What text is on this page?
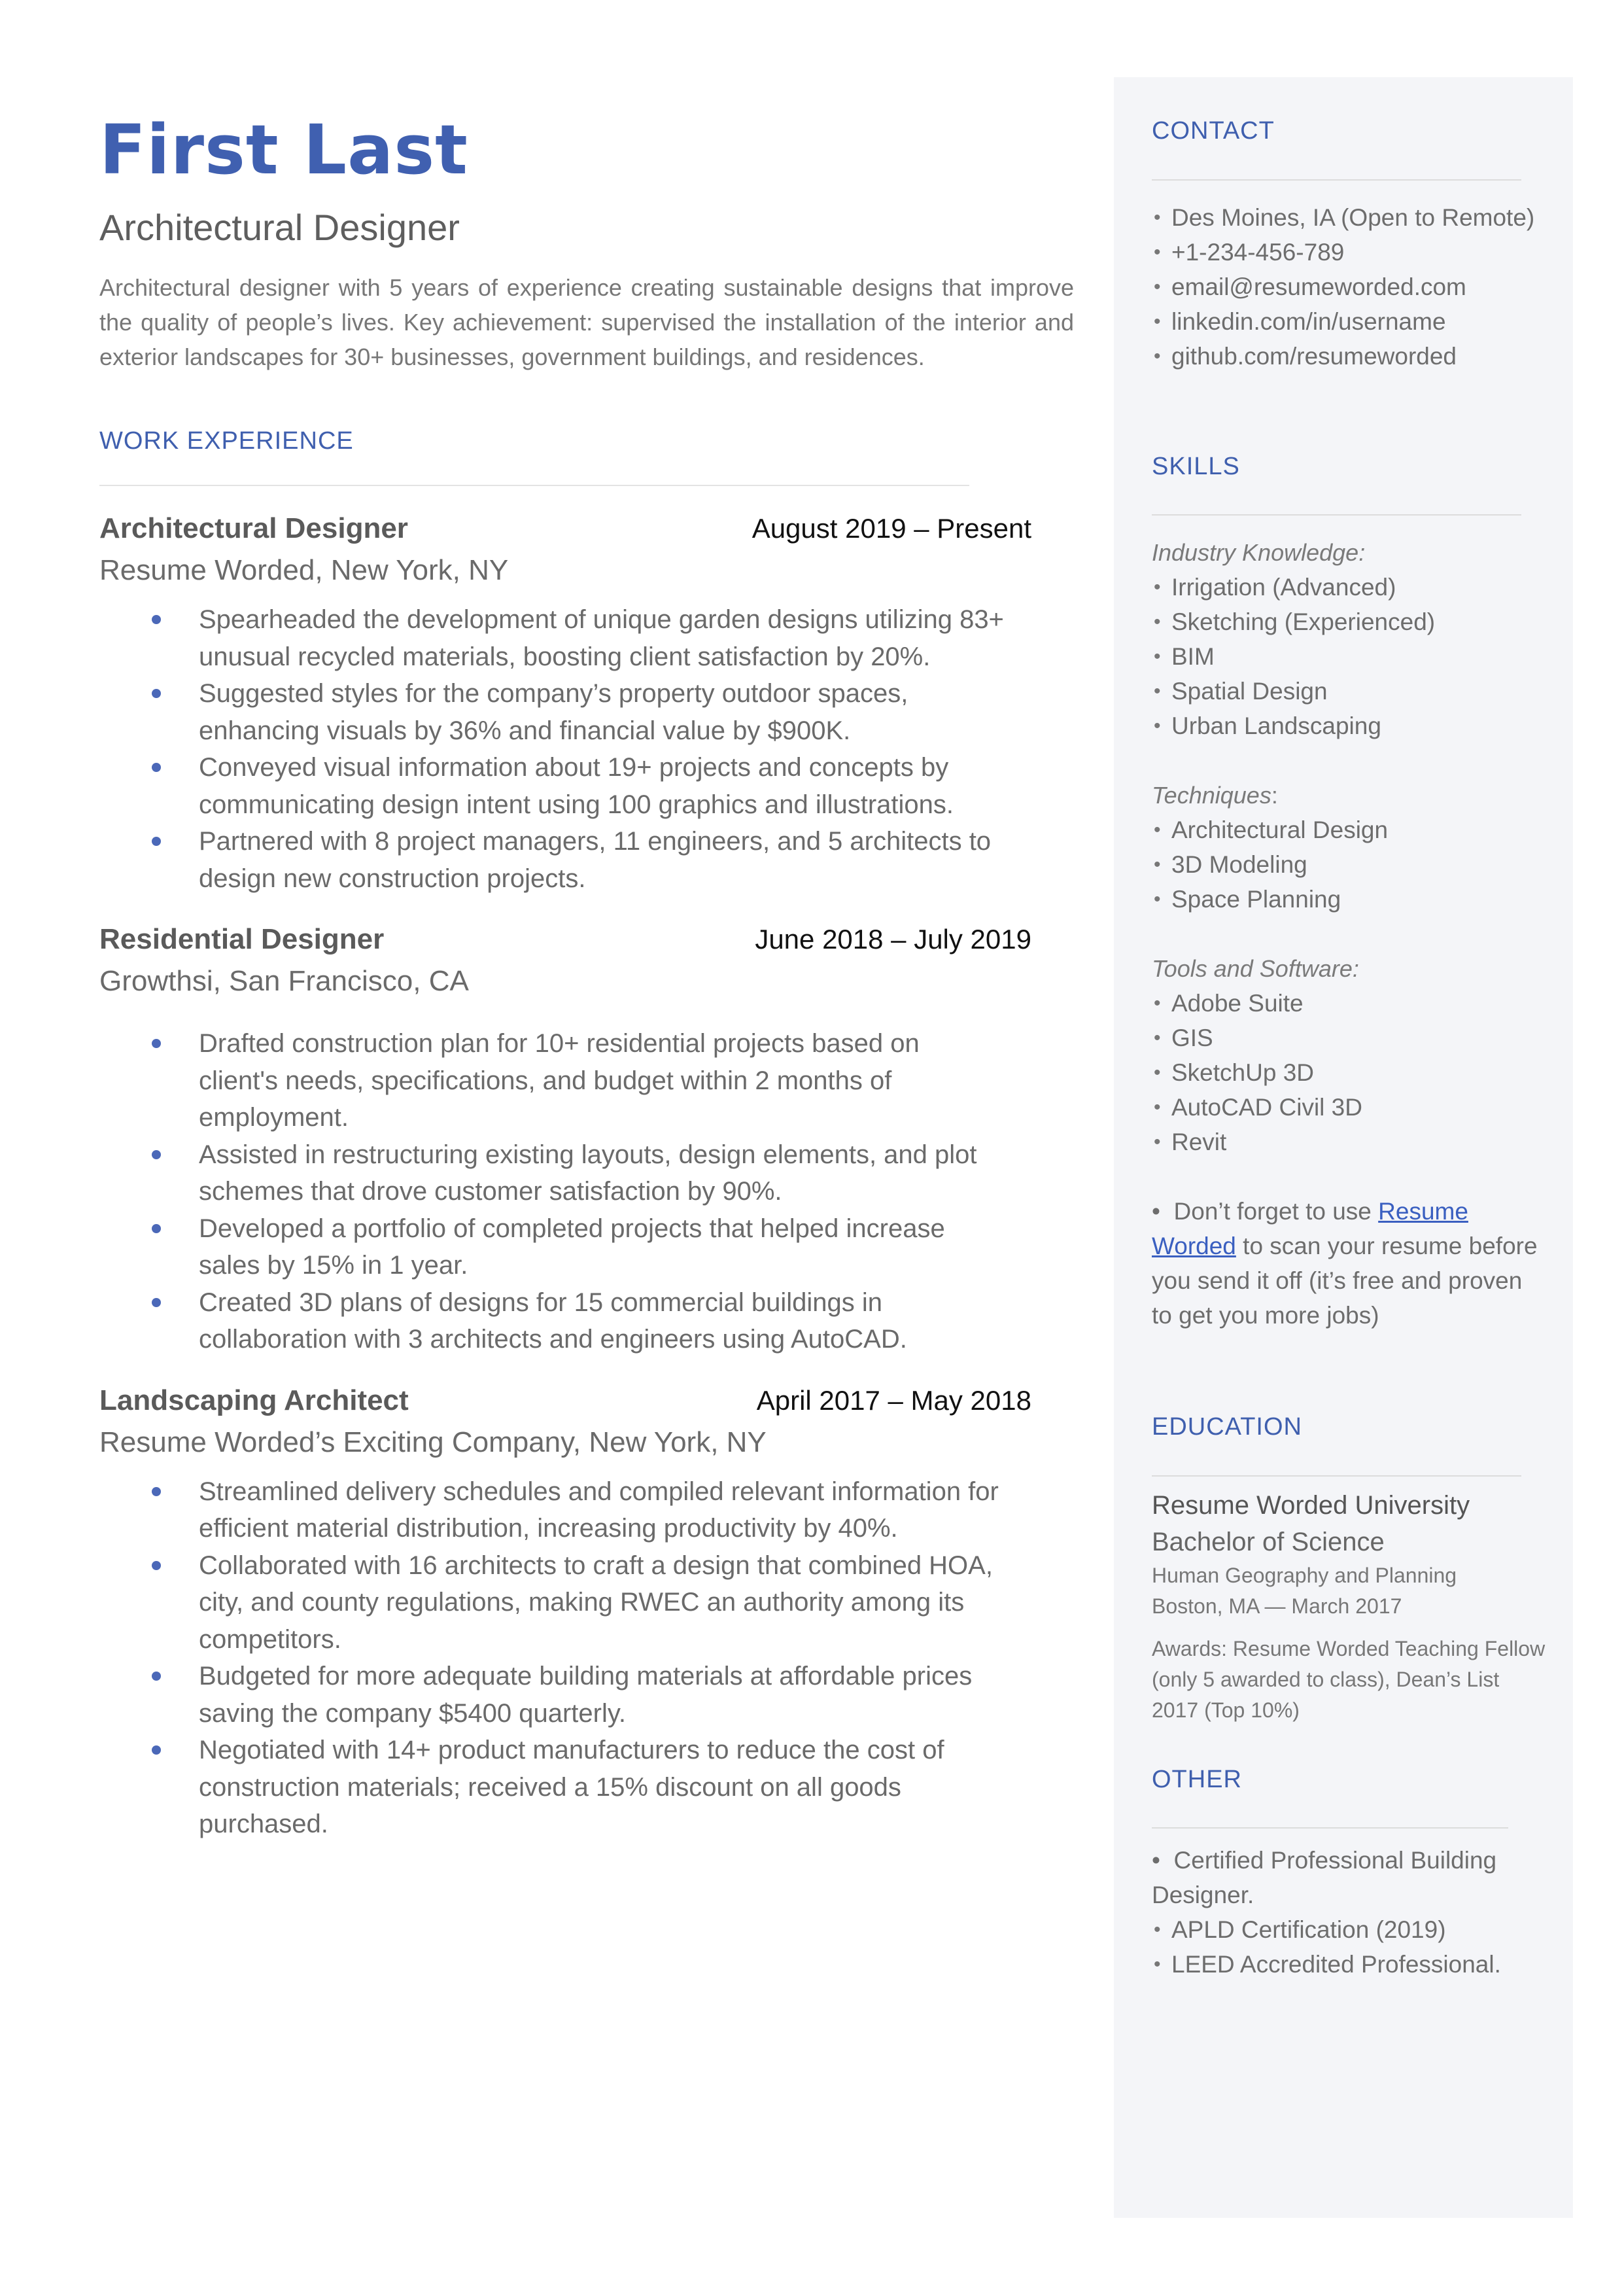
First Last
Architectural Designer
Architectural designer with 5 years of experience creating sustainable designs that improve the quality of people’s lives. Key achievement: supervised the installation of the interior and exterior landscapes for 30+ businesses, government buildings, and residences.
WORK EXPERIENCE
Architectural Designer	August 2019 – Present
Resume Worded, New York, NY
Spearheaded the development of unique garden designs utilizing 83+
unusual recycled materials, boosting client satisfaction by 20%.
Suggested styles for the company’s property outdoor spaces,
enhancing visuals by 36% and financial value by $900K.
Conveyed visual information about 19+ projects and concepts by
communicating design intent using 100 graphics and illustrations.
Partnered with 8 project managers, 11 engineers, and 5 architects to
design new construction projects.
Residential Designer	June 2018 – July 2019
Growthsi, San Francisco, CA
Drafted construction plan for 10+ residential projects based on
client's needs, specifications, and budget within 2 months of
employment.
Assisted in restructuring existing layouts, design elements, and plot
schemes that drove customer satisfaction by 90%.
Developed a portfolio of completed projects that helped increase
sales by 15% in 1 year.
Created 3D plans of designs for 15 commercial buildings in
collaboration with 3 architects and engineers using AutoCAD.
Landscaping Architect	April 2017 – May 2018
Resume Worded’s Exciting Company, New York, NY
Streamlined delivery schedules and compiled relevant information for
efficient material distribution, increasing productivity by 40%.
Collaborated with 16 architects to craft a design that combined HOA,
city, and county regulations, making RWEC an authority among its
competitors.
Budgeted for more adequate building materials at affordable prices
saving the company $5400 quarterly.
Negotiated with 14+ product manufacturers to reduce the cost of
construction materials; received a 15% discount on all goods
purchased.
CONTACT
• Des Moines, IA (Open to Remote)
• +1-234-456-789
• email@resumeworded.com
• linkedin.com/in/username
• github.com/resumeworded
SKILLS
Industry Knowledge:
• Irrigation (Advanced)
• Sketching (Experienced)
• BIM
• Spatial Design
• Urban Landscaping
Techniques:
• Architectural Design
• 3D Modeling
• Space Planning
Tools and Software:
• Adobe Suite
• GIS
• SketchUp 3D
• AutoCAD Civil 3D
• Revit
• Don’t forget to use Resume Worded to scan your resume before you send it off (it’s free and proven to get you more jobs)
EDUCATION
Resume Worded University
Bachelor of Science
Human Geography and Planning
Boston, MA — March 2017
Awards: Resume Worded Teaching Fellow (only 5 awarded to class), Dean’s List 2017 (Top 10%)
OTHER
• Certified Professional Building Designer.
• APLD Certification (2019)
• LEED Accredited Professional.
